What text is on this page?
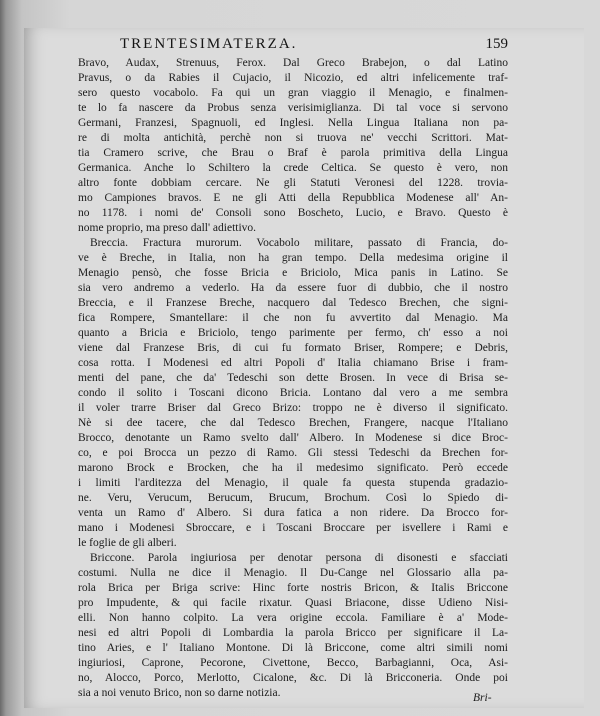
TRENTESIMATERZA.	159
Bravo, Audax, Strenuus, Ferox. Dal Greco Brabejon, o dal Latino
Pravus, o da Rabies il Cujacio, il Nicozio, ed altri infelicemente traf-
sero questo vocabolo. Fa qui un gran viaggio il Menagio, e finalmen-
te lo fa nascere da Probus senza verisimiglianza. Di tal voce si servono
Germani, Franzesi, Spagnuoli, ed Inglesi. Nella Lingua Italiana non pa-
re di molta antichità, perchè non si truova ne' vecchi Scrittori. Mat-
tia Cramero scrive, che Brau o Braf è parola primitiva della Lingua
Germanica. Anche lo Schiltero la crede Celtica. Se questo è vero, non
altro fonte dobbiam cercare. Ne gli Statuti Veronesi del 1228. trovia-
mo Campiones bravos. E ne gli Atti della Repubblica Modenese all' An-
no 1178. i nomi de' Consoli sono Boscheto, Lucio, e Bravo. Questo è
nome proprio, ma preso dall' adiettivo.
Breccia. Fractura murorum. Vocabolo militare, passato di Francia, do-
ve è Breche, in Italia, non ha gran tempo. Della medesima origine il
Menagio pensò, che fosse Bricia e Briciolo, Mica panis in Latino. Se
sia vero andremo a vederlo. Ha da essere fuor di dubbio, che il nostro
Breccia, e il Franzese Breche, nacquero dal Tedesco Brechen, che signi-
fica Rompere, Smantellare: il che non fu avvertito dal Menagio. Ma
quanto a Bricia e Briciolo, tengo parimente per fermo, ch' esso a noi
viene dal Franzese Bris, di cui fu formato Briser, Rompere; e Debris,
cosa rotta. I Modenesi ed altri Popoli d' Italia chiamano Brise i fram-
menti del pane, che da' Tedeschi son dette Brosen. In vece di Brisa se-
condo il solito i Toscani dicono Bricia. Lontano dal vero a me sembra
il voler trarre Briser dal Greco Brizo: troppo ne è diverso il significato.
Nè si dee tacere, che dal Tedesco Brechen, Frangere, nacque l'Italiano
Brocco, denotante un Ramo svelto dall' Albero. In Modenese si dice Broc-
co, e poi Brocca un pezzo di Ramo. Gli stessi Tedeschi da Brechen for-
marono Brock e Brocken, che ha il medesimo significato. Però eccede
i limiti l'arditezza del Menagio, il quale fa questa stupenda gradazio-
ne. Veru, Verucum, Berucum, Brucum, Brochum. Così lo Spiedo di-
venta un Ramo d' Albero. Si dura fatica a non ridere. Da Brocco for-
mano i Modenesi Sbroccare, e i Toscani Broccare per isvellere i Rami e
le foglie de gli alberi.
Briccone. Parola ingiuriosa per denotar persona di disonesti e sfacciati
costumi. Nulla ne dice il Menagio. Il Du-Cange nel Glossario alla pa-
rola Brica per Briga scrive: Hinc forte nostris Bricon, & Italis Briccone
pro Impudente, & qui facile rixatur. Quasi Briacone, disse Udieno Nisi-
elli. Non hanno colpito. La vera origine eccola. Familiare è a' Mode-
nesi ed altri Popoli di Lombardia la parola Bricco per significare il La-
tino Aries, e l' Italiano Montone. Di là Briccone, come altri simili nomi
ingiuriosi, Caprone, Pecorone, Civettone, Becco, Barbagianni, Oca, Asi-
no, Alocco, Porco, Merlotto, Cicalone, &c. Di là Bricconeria. Onde poi
sia a noi venuto Brico, non so darne notizia.	Bri-
